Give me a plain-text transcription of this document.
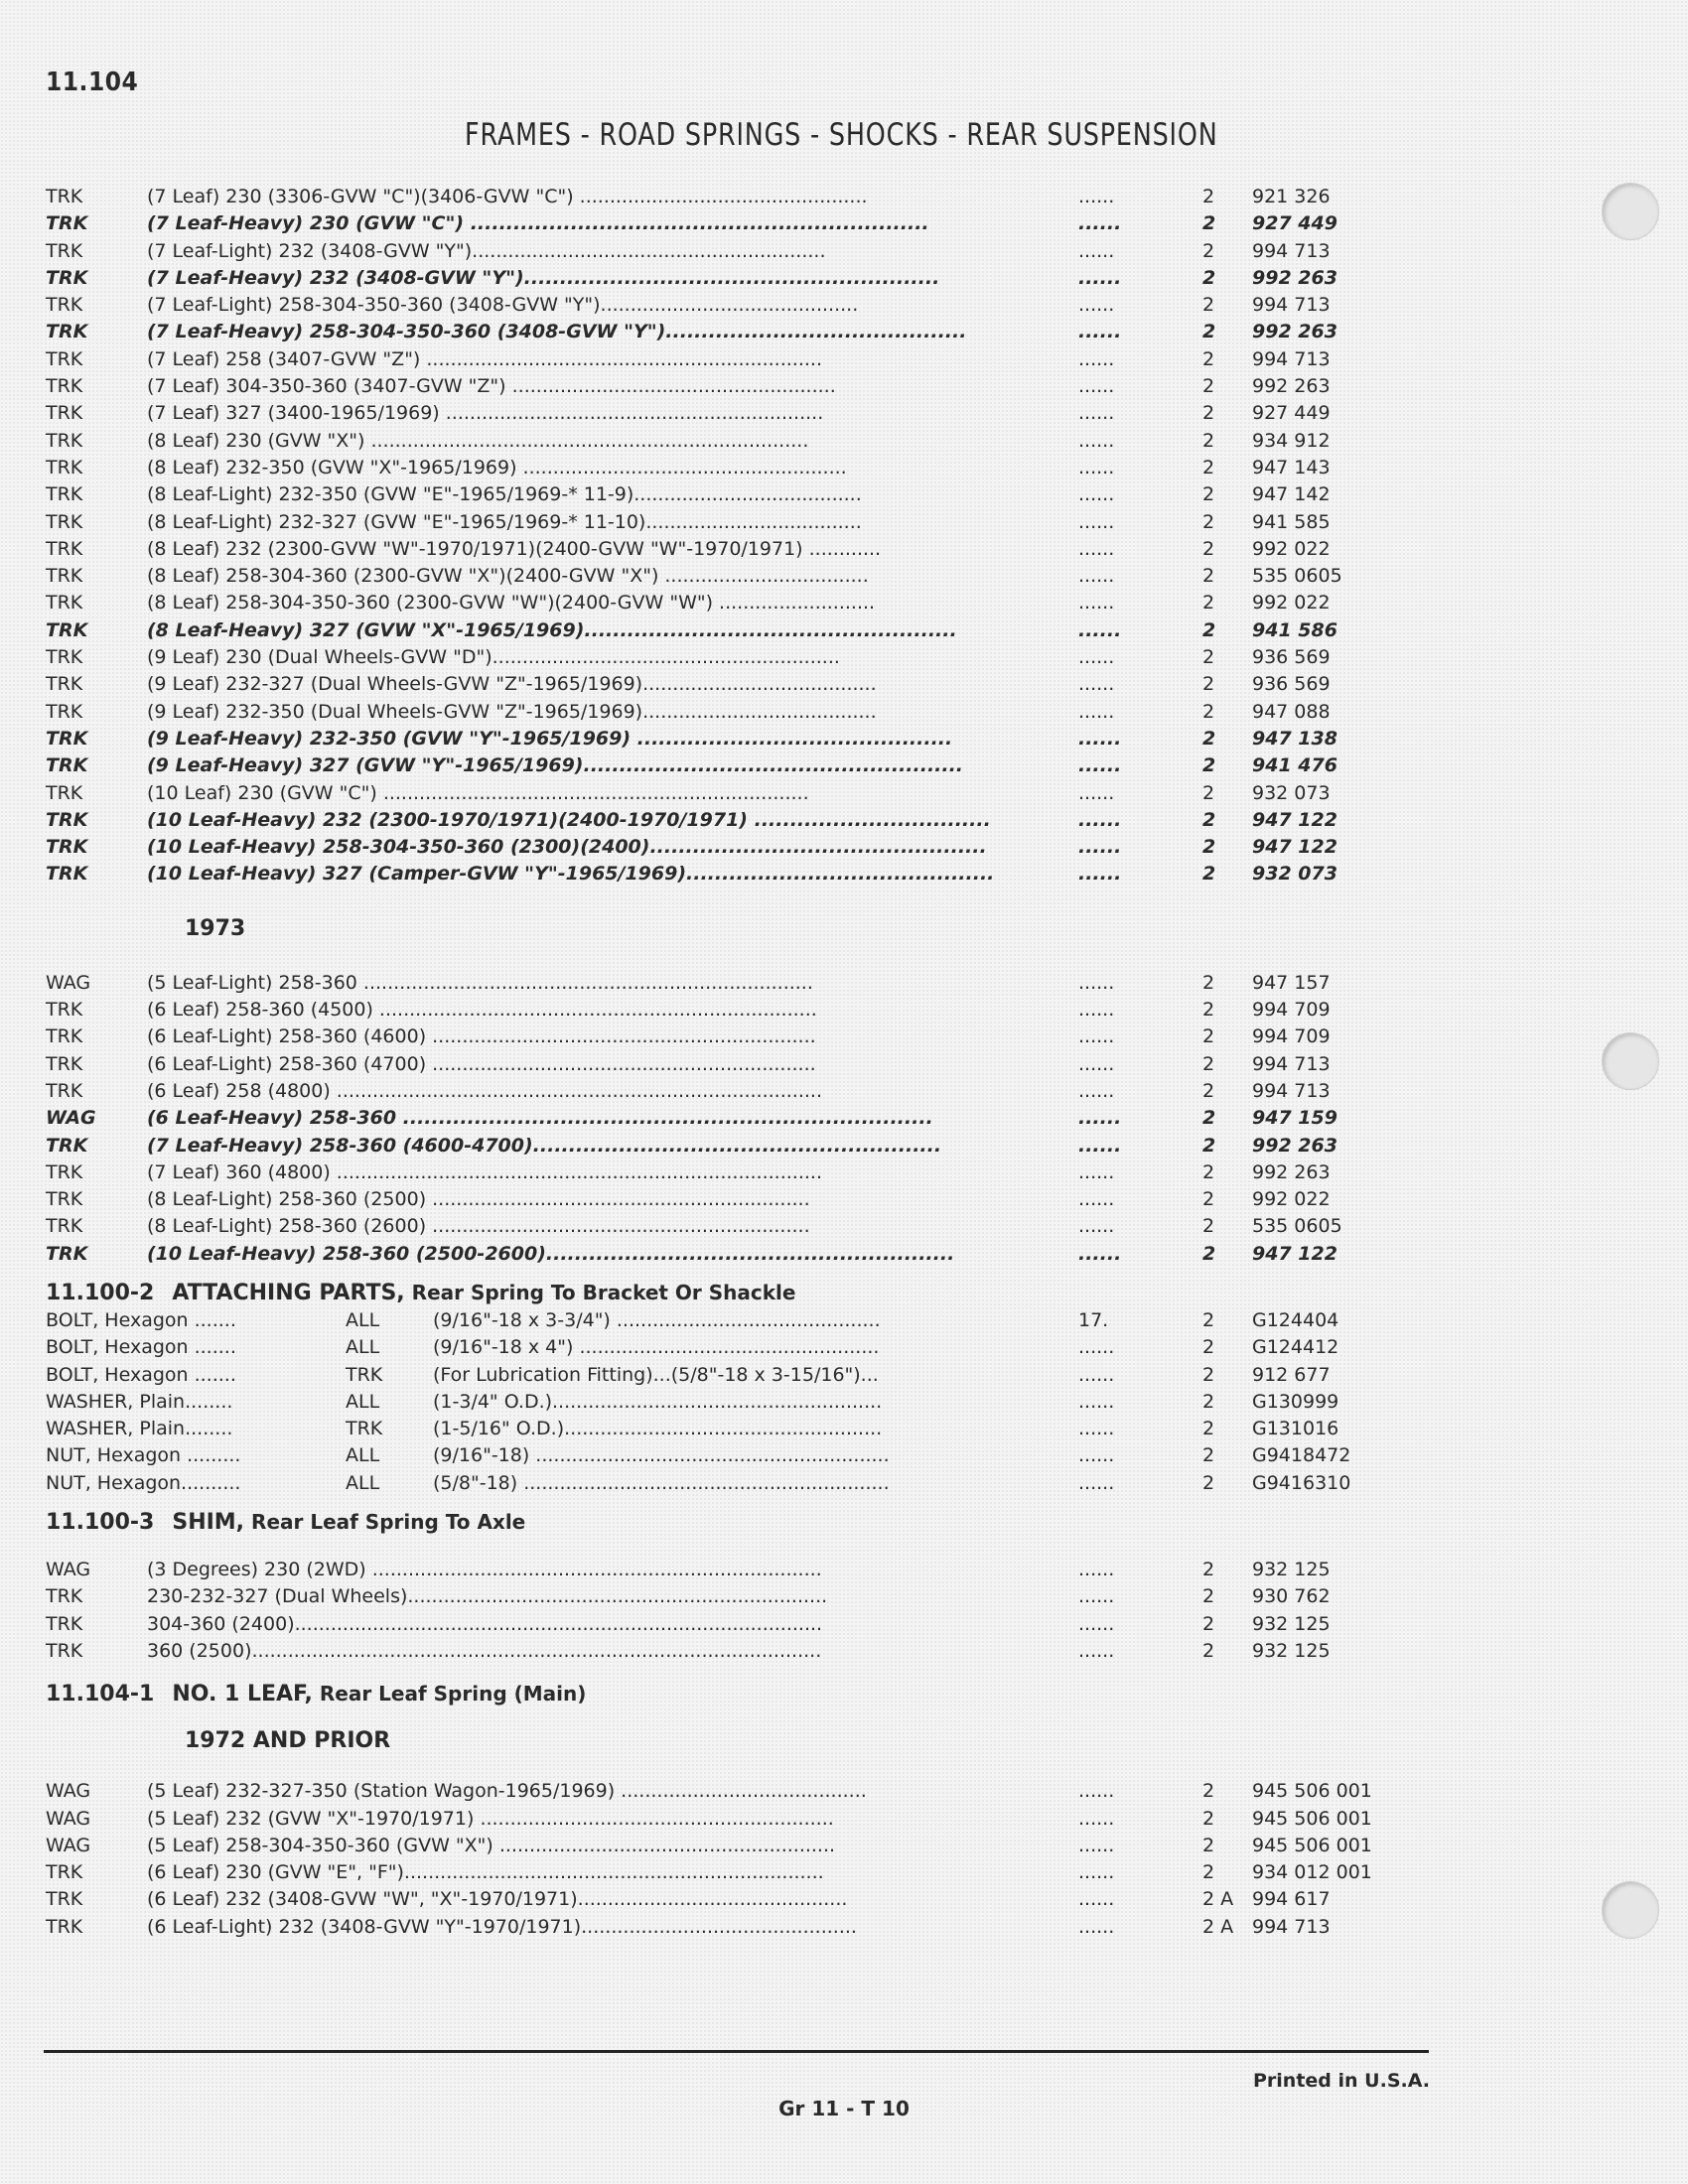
11.104
FRAMES - ROAD SPRINGS - SHOCKS - REAR SUSPENSION
TRK	(7 Leaf) 230 (3306-GVW "C")(3406-GVW "C") ................................................	......	2 921 326
TRK	(7 Leaf-Heavy) 230 (GVW "C") ................................................................	......	2 927 449
TRK	(7 Leaf-Light) 232 (3408-GVW "Y")...........................................................	......	2 994 713
TRK	(7 Leaf-Heavy) 232 (3408-GVW "Y")..........................................................	......	2 992 263
TRK	(7 Leaf-Light) 258-304-350-360 (3408-GVW "Y")...........................................	......	2 994 713
TRK	(7 Leaf-Heavy) 258-304-350-360 (3408-GVW "Y")..........................................	......	2 992 263
TRK	(7 Leaf) 258 (3407-GVW "Z") ..................................................................	......	2 994 713
TRK	(7 Leaf) 304-350-360 (3407-GVW "Z") ......................................................	......	2 992 263
TRK	(7 Leaf) 327 (3400-1965/1969) ...............................................................	......	2 927 449
TRK	(8 Leaf) 230 (GVW "X") .........................................................................	......	2 934 912
TRK	(8 Leaf) 232-350 (GVW "X"-1965/1969) ......................................................	......	2 947 143
TRK	(8 Leaf-Light) 232-350 (GVW "E"-1965/1969-* 11-9)......................................	......	2 947 142
TRK	(8 Leaf-Light) 232-327 (GVW "E"-1965/1969-* 11-10)....................................	......	2 941 585
TRK	(8 Leaf) 232 (2300-GVW "W"-1970/1971)(2400-GVW "W"-1970/1971) ............	......	2 992 022
TRK	(8 Leaf) 258-304-360 (2300-GVW "X")(2400-GVW "X") ..................................	......	2 535 0605
TRK	(8 Leaf) 258-304-350-360 (2300-GVW "W")(2400-GVW "W") ..........................	......	2 992 022
TRK	(8 Leaf-Heavy) 327 (GVW "X"-1965/1969)....................................................	......	2 941 586
TRK	(9 Leaf) 230 (Dual Wheels-GVW "D")..........................................................	......	2 936 569
TRK	(9 Leaf) 232-327 (Dual Wheels-GVW "Z"-1965/1969).......................................	......	2 936 569
TRK	(9 Leaf) 232-350 (Dual Wheels-GVW "Z"-1965/1969).......................................	......	2 947 088
TRK	(9 Leaf-Heavy) 232-350 (GVW "Y"-1965/1969) ............................................	......	2 947 138
TRK	(9 Leaf-Heavy) 327 (GVW "Y"-1965/1969).....................................................	......	2 941 476
TRK	(10 Leaf) 230 (GVW "C") .......................................................................	......	2 932 073
TRK	(10 Leaf-Heavy) 232 (2300-1970/1971)(2400-1970/1971) .................................	......	2 947 122
TRK	(10 Leaf-Heavy) 258-304-350-360 (2300)(2400)...............................................	......	2 947 122
TRK	(10 Leaf-Heavy) 327 (Camper-GVW "Y"-1965/1969)...........................................	......	2 932 073
1973
WAG	(5 Leaf-Light) 258-360 ...........................................................................	......	2 947 157
TRK	(6 Leaf) 258-360 (4500) .........................................................................	......	2 994 709
TRK	(6 Leaf-Light) 258-360 (4600) ................................................................	......	2 994 709
TRK	(6 Leaf-Light) 258-360 (4700) ................................................................	......	2 994 713
TRK	(6 Leaf) 258 (4800) .................................................................................	......	2 994 713
WAG	(6 Leaf-Heavy) 258-360 ..........................................................................	......	2 947 159
TRK	(7 Leaf-Heavy) 258-360 (4600-4700).........................................................	......	2 992 263
TRK	(7 Leaf) 360 (4800) .................................................................................	......	2 992 263
TRK	(8 Leaf-Light) 258-360 (2500) ...............................................................	......	2 992 022
TRK	(8 Leaf-Light) 258-360 (2600) ...............................................................	......	2 535 0605
TRK	(10 Leaf-Heavy) 258-360 (2500-2600).........................................................	......	2 947 122
11.100-2 ATTACHING PARTS, Rear Spring To Bracket Or Shackle
BOLT, Hexagon .......	ALL	(9/16"-18 x 3-3/4") ............................................	17.	2 G124404
BOLT, Hexagon .......	ALL	(9/16"-18 x 4") ..................................................	......	2 G124412
BOLT, Hexagon .......	TRK	(For Lubrication Fitting)...(5/8"-18 x 3-15/16")...	......	2 912 677
WASHER, Plain........	ALL	(1-3/4" O.D.).......................................................	......	2 G130999
WASHER, Plain........	TRK	(1-5/16" O.D.).....................................................	......	2 G131016
NUT, Hexagon .........	ALL	(9/16"-18) ...........................................................	......	2 G9418472
NUT, Hexagon..........	ALL	(5/8"-18) .............................................................	......	2 G9416310
11.100-3 SHIM, Rear Leaf Spring To Axle
WAG	(3 Degrees) 230 (2WD) ...........................................................................	......	2 932 125
TRK	230-232-327 (Dual Wheels)......................................................................	......	2 930 762
TRK	304-360 (2400)........................................................................................	......	2 932 125
TRK	360 (2500)...............................................................................................	......	2 932 125
11.104-1 NO. 1 LEAF, Rear Leaf Spring (Main)
1972 AND PRIOR
WAG	(5 Leaf) 232-327-350 (Station Wagon-1965/1969) .........................................	......	2 945 506 001
WAG	(5 Leaf) 232 (GVW "X"-1970/1971) ...........................................................	......	2 945 506 001
WAG	(5 Leaf) 258-304-350-360 (GVW "X") ........................................................	......	2 945 506 001
TRK	(6 Leaf) 230 (GVW "E", "F")......................................................................	......	2 934 012 001
TRK	(6 Leaf) 232 (3408-GVW "W", "X"-1970/1971).............................................	......	2 A 994 617
TRK	(6 Leaf-Light) 232 (3408-GVW "Y"-1970/1971)..............................................	......	2 A 994 713
Printed in U.S.A.
Gr 11 - T 10
